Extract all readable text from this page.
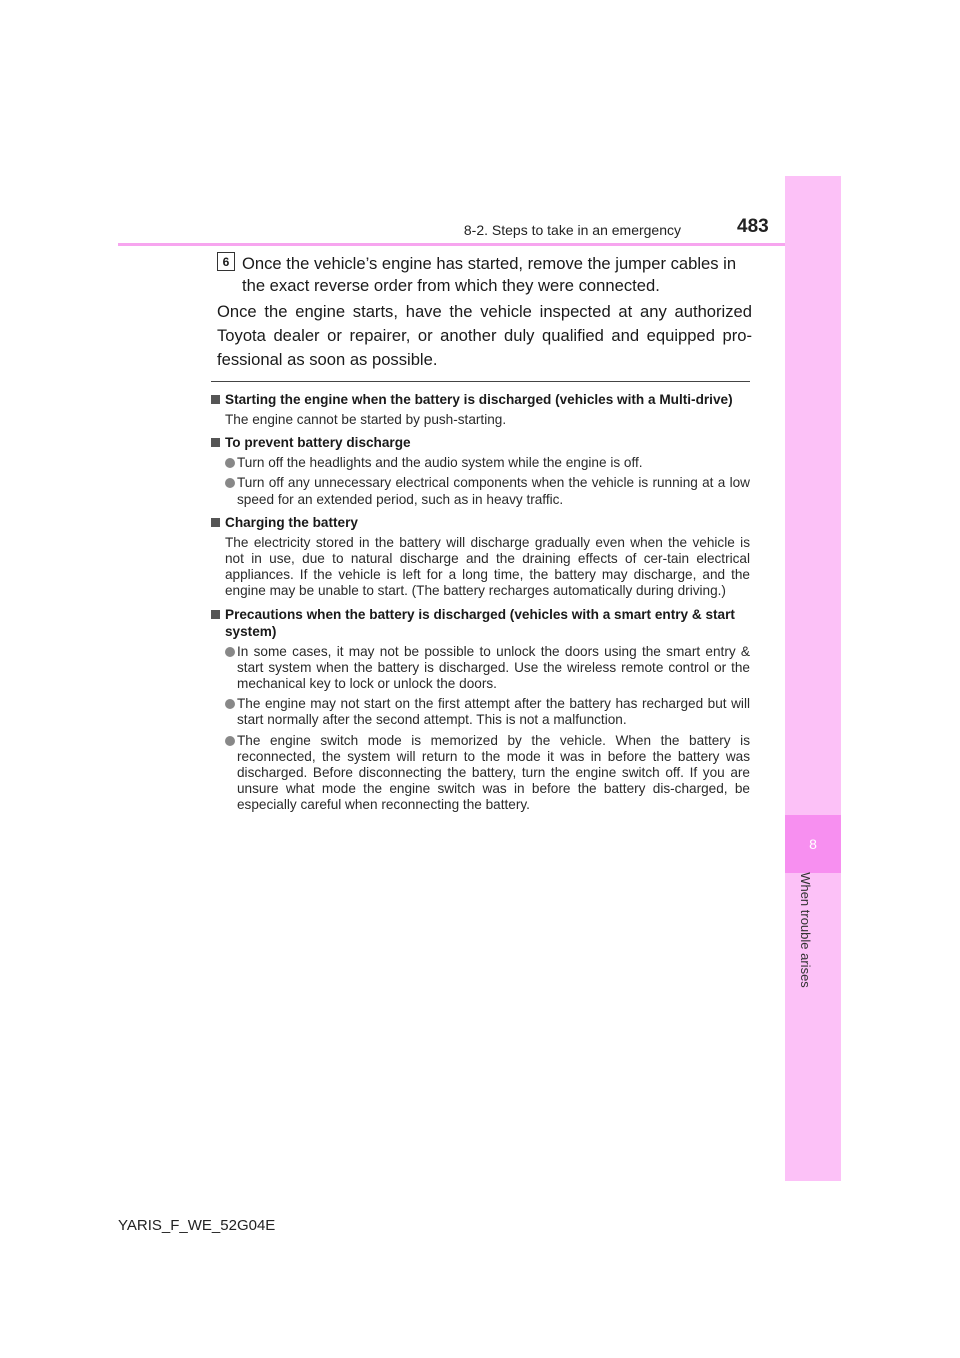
8
When trouble arises
8-2. Steps to take in an emergency	483
6 Once the vehicle’s engine has started, remove the jumper cables in the exact reverse order from which they were connected.

Once the engine starts, have the vehicle inspected at any authorized Toyota dealer or repairer, or another duly qualified and equipped pro-fessional as soon as possible.

Starting the engine when the battery is discharged (vehicles with a Multi-drive)
The engine cannot be started by push-starting.
To prevent battery discharge
Turn off the headlights and the audio system while the engine is off.
Turn off any unnecessary electrical components when the vehicle is running at a low speed for an extended period, such as in heavy traffic.
Charging the battery
The electricity stored in the battery will discharge gradually even when the vehicle is not in use, due to natural discharge and the draining effects of cer-tain electrical appliances. If the vehicle is left for a long time, the battery may discharge, and the engine may be unable to start. (The battery recharges automatically during driving.)
Precautions when the battery is discharged (vehicles with a smart entry & start system)
In some cases, it may not be possible to unlock the doors using the smart entry & start system when the battery is discharged. Use the wireless remote control or the mechanical key to lock or unlock the doors.
The engine may not start on the first attempt after the battery has recharged but will start normally after the second attempt. This is not a malfunction.
The engine switch mode is memorized by the vehicle. When the battery is reconnected, the system will return to the mode it was in before the battery was discharged. Before disconnecting the battery, turn the engine switch off. If you are unsure what mode the engine switch was in before the battery dis-charged, be especially careful when reconnecting the battery.
YARIS_F_WE_52G04E
